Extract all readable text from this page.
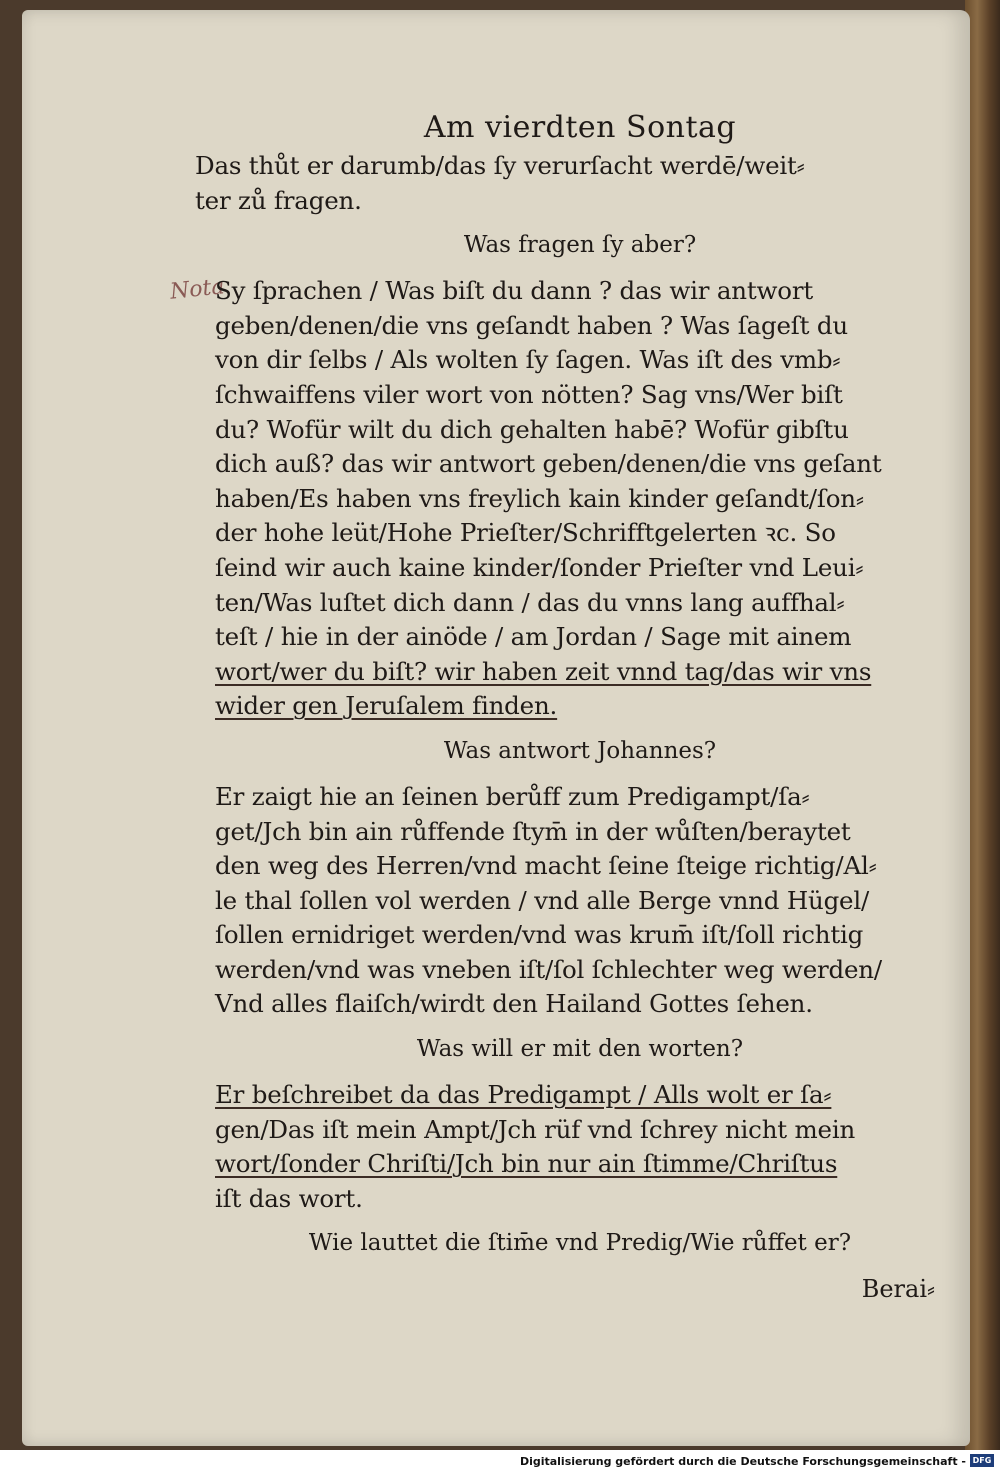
Nota
Am vierdten Sontag
Das thůt er darumb/das ſy verurſacht werdē/weit⸗
ter zů fragen.
Was fragen ſy aber?
Sy ſprachen / Was biſt du dann ? das wir antwort
geben/denen/die vns geſandt haben ? Was ſageſt du
von dir ſelbs / Als wolten ſy ſagen. Was iſt des vmb⸗
ſchwaiffens viler wort von nötten? Sag vns/Wer biſt
du? Wofür wilt du dich gehalten habē? Wofür gibſtu
dich auß? das wir antwort geben/denen/die vns geſant
haben/Es haben vns freylich kain kinder geſandt/ſon⸗
der hohe leüt/Hohe Prieſter/Schrifftgelerten ꝛc. So
ſeind wir auch kaine kinder/ſonder Prieſter vnd Leui⸗
ten/Was luſtet dich dann / das du vnns lang auffhal⸗
teſt / hie in der ainöde / am Jordan / Sage mit ainem
wort/wer du biſt? wir haben zeit vnnd tag/das wir vns
wider gen Jeruſalem finden.
Was antwort Johannes?
Er zaigt hie an ſeinen berůff zum Predigampt/ſa⸗
get/Jch bin ain růffende ſtym̄ in der wůſten/beraytet
den weg des Herren/vnd macht ſeine ſteige richtig/Al⸗
le thal ſollen vol werden / vnd alle Berge vnnd Hügel/
ſollen ernidriget werden/vnd was krum̄ iſt/ſoll richtig
werden/vnd was vneben iſt/ſol ſchlechter weg werden/
Vnd alles flaiſch/wirdt den Hailand Gottes ſehen.
Was will er mit den worten?
Er beſchreibet da das Predigampt / Alls wolt er ſa⸗
gen/Das iſt mein Ampt/Jch rüf vnd ſchrey nicht mein
wort/ſonder Chriſti/Jch bin nur ain ſtimme/Chriſtus
iſt das wort.
Wie lauttet die ſtim̄e vnd Predig/Wie růffet er?
Berai⸗
Digitalisierung gefördert durch die Deutsche Forschungsgemeinschaft - DFG
